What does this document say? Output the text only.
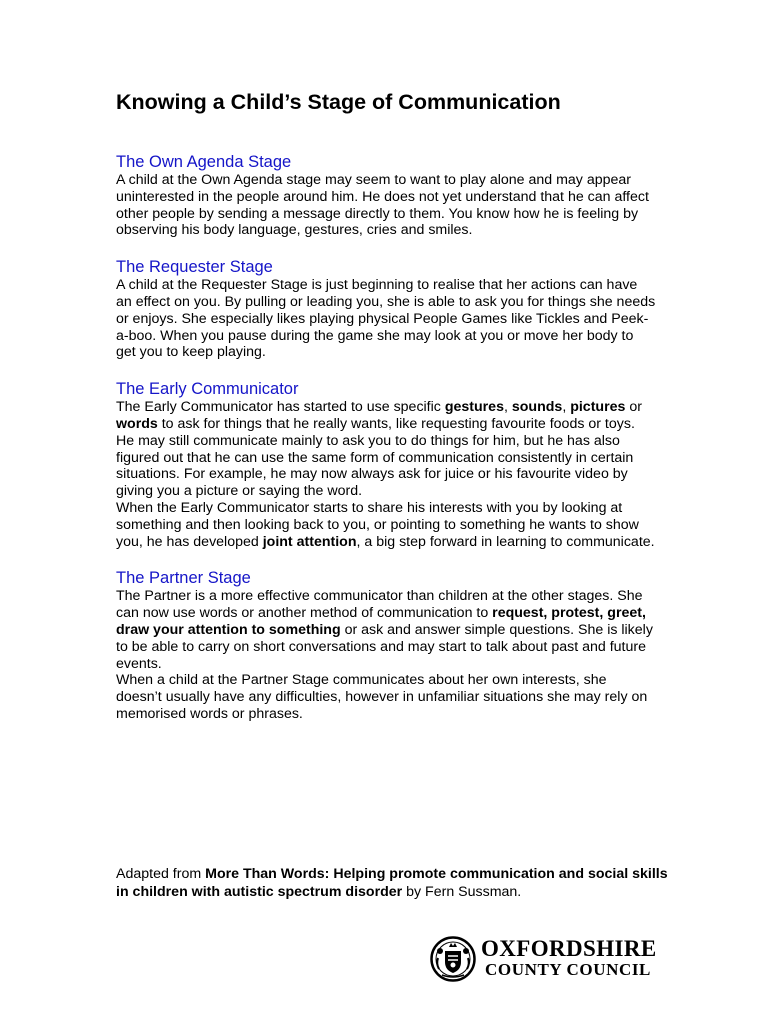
Knowing a Child’s Stage of Communication
The Own Agenda Stage

A child at the Own Agenda stage may seem to want to play alone and may appear uninterested in the people around him. He does not yet understand that he can affect other people by sending a message directly to them. You know how he is feeling by observing his body language, gestures, cries and smiles.

The Requester Stage

A child at the Requester Stage is just beginning to realise that her actions can have an effect on you. By pulling or leading you, she is able to ask you for things she needs or enjoys. She especially likes playing physical People Games like Tickles and Peek-a-boo. When you pause during the game she may look at you or move her body to get you to keep playing.

The Early Communicator

The Early Communicator has started to use specific gestures, sounds, pictures or words to ask for things that he really wants, like requesting favourite foods or toys. He may still communicate mainly to ask you to do things for him, but he has also figured out that he can use the same form of communication consistently in certain situations. For example, he may now always ask for juice or his favourite video by giving you a picture or saying the word.

When the Early Communicator starts to share his interests with you by looking at something and then looking back to you, or pointing to something he wants to show you, he has developed joint attention, a big step forward in learning to communicate.

The Partner Stage

The Partner is a more effective communicator than children at the other stages. She can now use words or another method of communication to request, protest, greet, draw your attention to something or ask and answer simple questions. She is likely to be able to carry on short conversations and may start to talk about past and future events.

When a child at the Partner Stage communicates about her own interests, she doesn’t usually have any difficulties, however in unfamiliar situations she may rely on memorised words or phrases.

Adapted from More Than Words: Helping promote communication and social skills in children with autistic spectrum disorder by Fern Sussman.

OXFORDSHIRE
COUNTY COUNCIL
